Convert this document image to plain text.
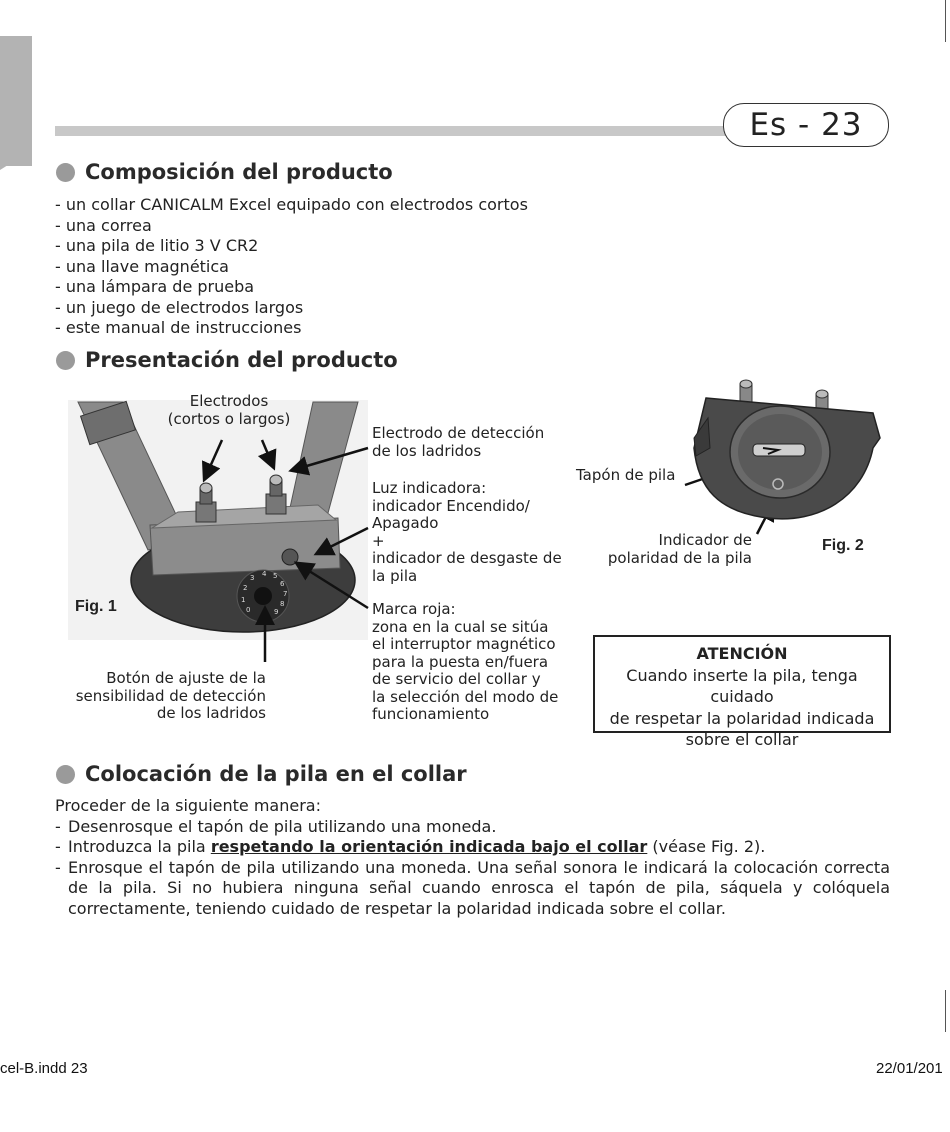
Es - 23
Composición del producto
- un collar CANICALM Excel equipado con electrodos cortos
- una correa
- una pila de litio 3 V CR2
- una llave magnética
- una lámpara de prueba
- un juego de electrodos largos
- este manual de instrucciones
Presentación del producto
3 4 5
6
7
8
9
2
1
0
Electrodos
(cortos o largos)
Electrodo de detección
de los ladridos
Luz indicadora:
indicador Encendido/
Apagado
+
indicador de desgaste de
la pila
Marca roja:
zona en la cual se sitúa
el interruptor magnético
para la puesta en/fuera
de servicio del collar y
la selección del modo de
funcionamiento
Botón de ajuste de la
sensibilidad de detección
de los ladridos
Fig. 1
Tapón de pila
Indicador de
polaridad de la pila
Fig. 2
ATENCIÓN
Cuando inserte la pila, tenga cuidado
de respetar la polaridad indicada
sobre el collar
Colocación de la pila en el collar
Proceder de la siguiente manera:
- Desenrosque el tapón de pila utilizando una moneda.
- Introduzca la pila respetando la orientación indicada bajo el collar (véase Fig. 2).
- Enrosque el tapón de pila utilizando una moneda. Una señal sonora le indicará la colocación correcta de la pila. Si no hubiera ninguna señal cuando enrosca el tapón de pila, sáquela y colóquela correctamente, teniendo cuidado de respetar la polaridad indicada sobre el collar.
cel-B.indd 23	22/01/201
